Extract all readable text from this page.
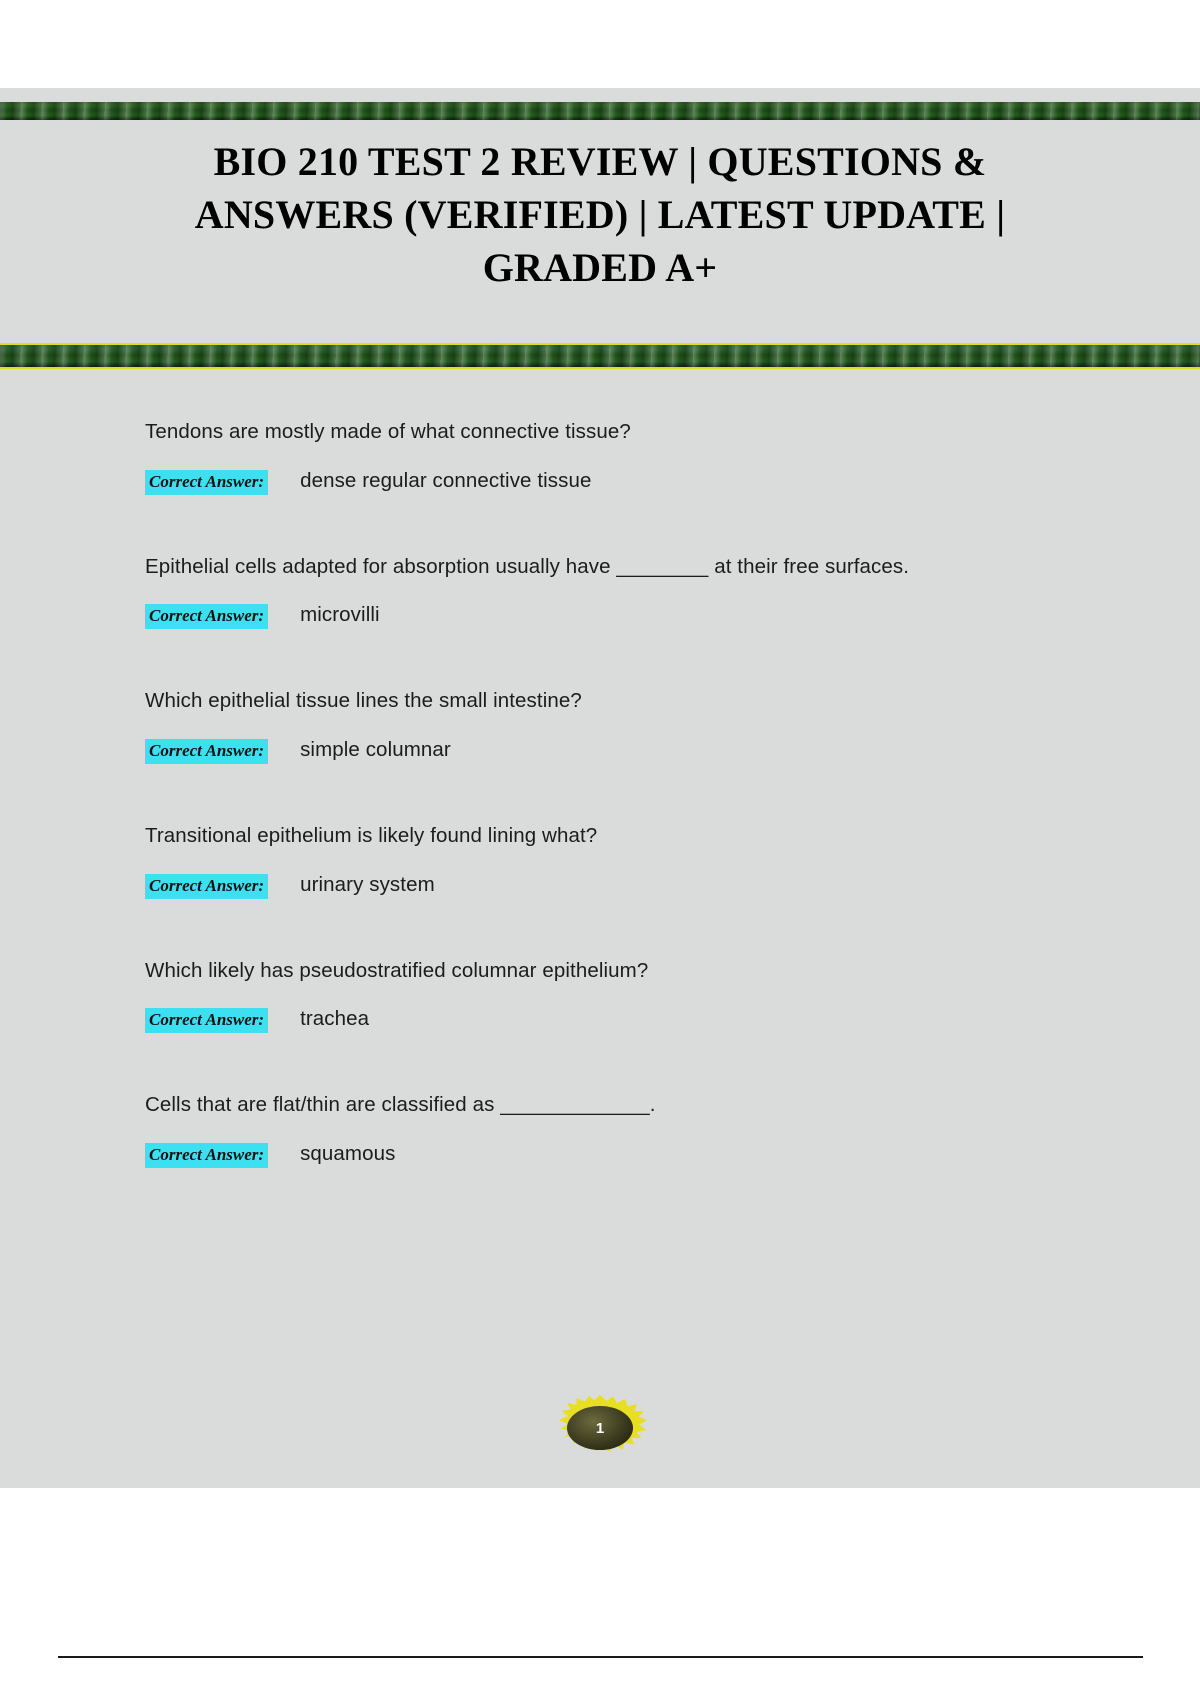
BIO 210 TEST 2 REVIEW | QUESTIONS & ANSWERS (VERIFIED) | LATEST UPDATE | GRADED A+
Tendons are mostly made of what connective tissue?
Correct Answer: dense regular connective tissue
Epithelial cells adapted for absorption usually have ________ at their free surfaces.
Correct Answer: microvilli
Which epithelial tissue lines the small intestine?
Correct Answer: simple columnar
Transitional epithelium is likely found lining what?
Correct Answer: urinary system
Which likely has pseudostratified columnar epithelium?
Correct Answer: trachea
Cells that are flat/thin are classified as _____________.
Correct Answer: squamous
1
